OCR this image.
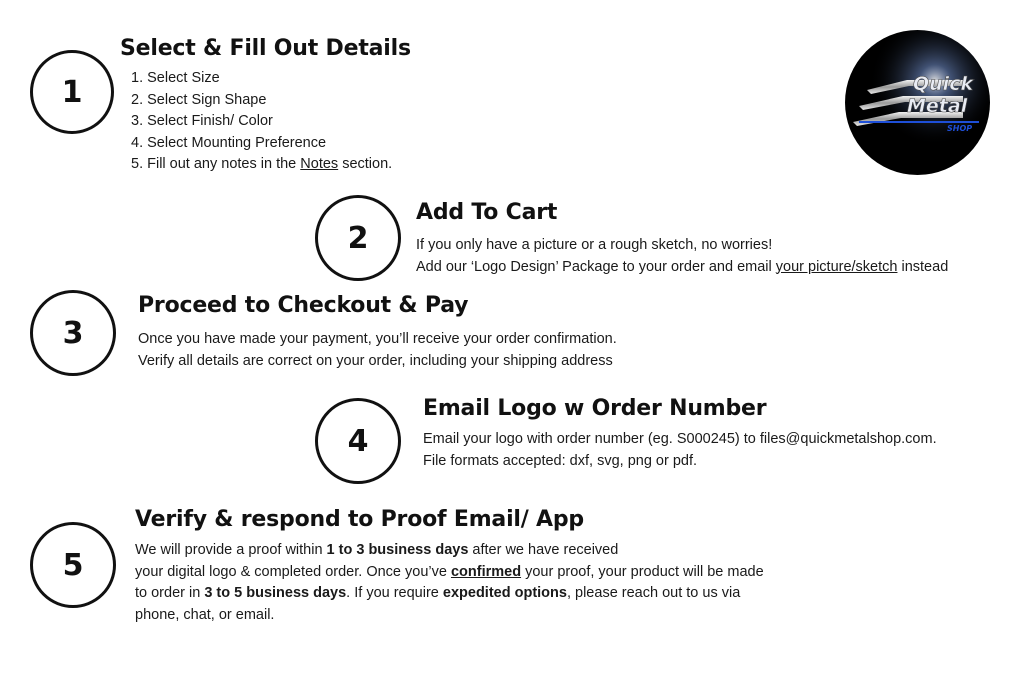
1
Select & Fill Out Details
1. Select Size
2. Select Sign Shape
3. Select Finish/ Color
4. Select Mounting Preference
5. Fill out any notes in the Notes section.
Quick
Metal
SHOP
2
Add To Cart

If you only have a picture or a rough sketch, no worries!

Add our ‘Logo Design’ Package to your order and email your picture/sketch instead

3
Proceed to Checkout & Pay

Once you have made your payment, you’ll receive your order confirmation.

Verify all details are correct on your order, including your shipping address

4
Email Logo w Order Number

Email your logo with order number (eg. S000245) to files@quickmetalshop.com.

File formats accepted: dxf, svg, png or pdf.

5
Verify & respond to Proof Email/ App

We will provide a proof within 1 to 3 business days after we have received

your digital logo & completed order. Once you’ve confirmed your proof, your product will be made

to order in 3 to 5 business days. If you require expedited options, please reach out to us via

phone, chat, or email.
